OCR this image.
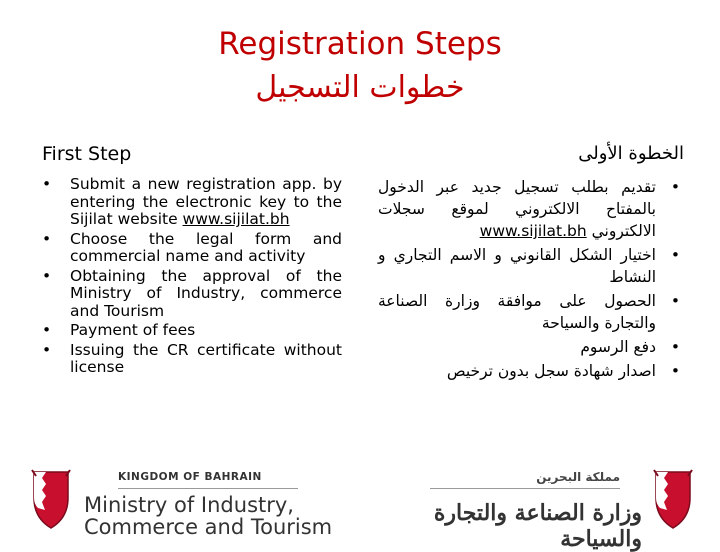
Registration Steps
خطوات التسجيل
First Step
• Submit a new registration app. by entering the electronic key to the Sijilat website www.sijilat.bh
• Choose the legal form and commercial name and activity
• Obtaining the approval of the Ministry of Industry, commerce and Tourism
• Payment of fees
• Issuing the CR certificate without license
الخطوة الأولى
• تقديم بطلب تسجيل جديد عبر الدخول بالمفتاح الالكتروني لموقع سجلات الالكتروني www.sijilat.bh
• اختيار الشكل القانوني و الاسم التجاري و النشاط
• الحصول على موافقة وزارة الصناعة والتجارة والسياحة
• دفع الرسوم
• اصدار شهادة سجل بدون ترخيص
KINGDOM OF BAHRAIN
Ministry of Industry,
Commerce and Tourism
مملكة البحرين
وزارة الصناعة والتجارة والسياحة
